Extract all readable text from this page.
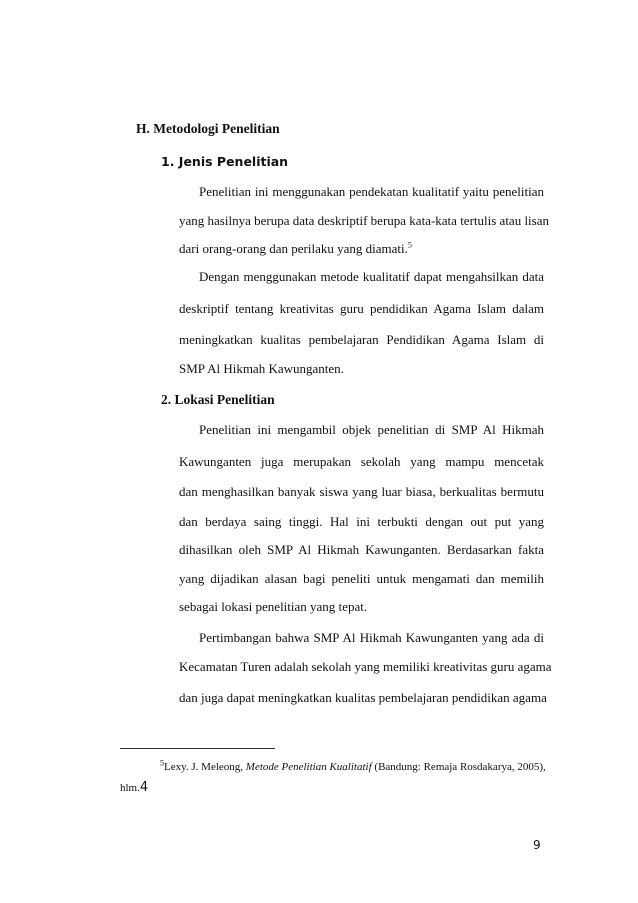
H. Metodologi Penelitian
1. Jenis Penelitian
Penelitian ini menggunakan pendekatan kualitatif yaitu penelitian
yang hasilnya berupa data deskriptif berupa kata-kata tertulis atau lisan
dari orang-orang dan perilaku yang diamati.$^5$
Dengan menggunakan metode kualitatif dapat mengahsilkan data
deskriptif tentang kreativitas guru pendidikan Agama Islam dalam
meningkatkan kualitas pembelajaran Pendidikan Agama Islam di
SMP Al Hikmah Kawunganten.
2. Lokasi Penelitian
Penelitian ini mengambil objek penelitian di SMP Al Hikmah
Kawunganten juga merupakan sekolah yang mampu mencetak
dan menghasilkan banyak siswa yang luar biasa, berkualitas bermutu
dan berdaya saing tinggi. Hal ini terbukti dengan out put yang
dihasilkan oleh SMP Al Hikmah Kawunganten. Berdasarkan fakta
yang dijadikan alasan bagi peneliti untuk mengamati dan memilih
sebagai lokasi penelitian yang tepat.
Pertimbangan bahwa SMP Al Hikmah Kawunganten yang ada di
Kecamatan Turen adalah sekolah yang memiliki kreativitas guru agama
dan juga dapat meningkatkan kualitas pembelajaran pendidikan agama
$^5$Lexy. J. Meleong, Metode Penelitian Kualitatif (Bandung: Remaja Rosdakarya, 2005),
hlm.4
9
